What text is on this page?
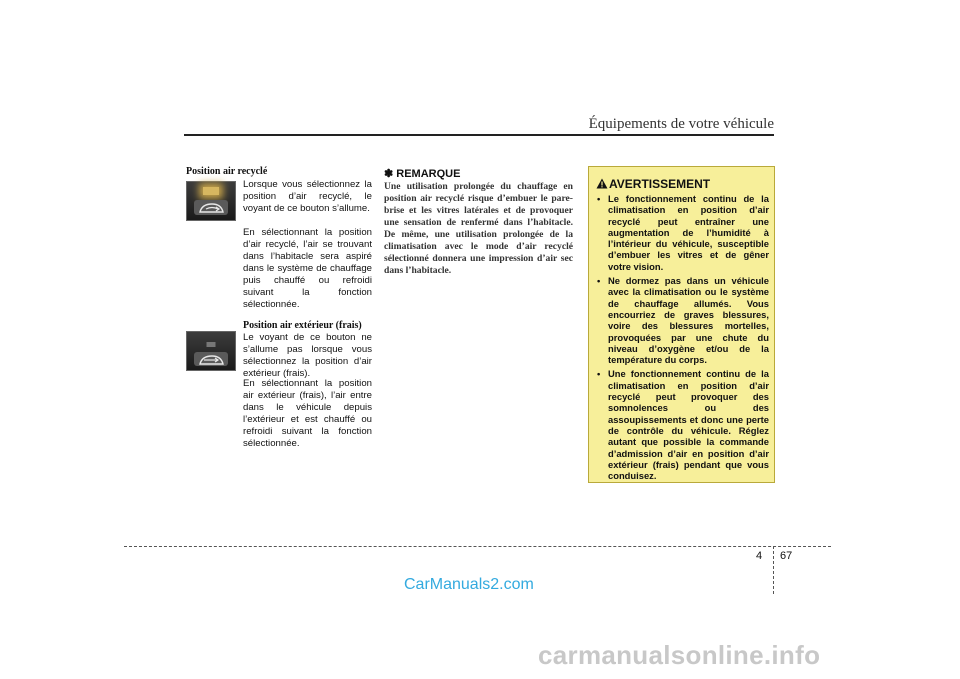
Équipements de votre véhicule
Position air recyclé
Lorsque vous sélectionnez la position d’air recyclé, le voyant de ce bouton s’allume.
En sélectionnant la position d’air recyclé, l’air se trouvant dans l’habitacle sera aspiré dans le système de chauffage puis chauffé ou refroidi suivant la fonction sélectionnée.
Position air extérieur (frais)
Le voyant de ce bouton ne s’allume pas lorsque vous sélectionnez la position d’air extérieur (frais).
En sélectionnant la position air extérieur (frais), l’air entre dans le véhicule depuis l’extérieur et est chauffé ou refroidi suivant la fonction sélectionnée.
✽ REMARQUE
Une utilisation prolongée du chauffage en position air recyclé risque d’embuer le pare-brise et les vitres latérales et de provoquer une sensation de renfermé dans l’habitacle. De même, une utilisation prolongée de la climatisation avec le mode d’air recyclé sélectionné donnera une impression d’air sec dans l’habitacle.
AVERTISSEMENT
• Le fonctionnement continu de la climatisation en position d’air recyclé peut entraîner une augmentation de l’humidité à l’intérieur du véhicule, susceptible d’embuer les vitres et de gêner votre vision.
• Ne dormez pas dans un véhicule avec la climatisation ou le système de chauffage allumés. Vous encourriez de graves blessures, voire des blessures mortelles, provoquées par une chute du niveau d’oxygène et/ou de la température du corps.
• Une fonctionnement continu de la climatisation en position d’air recyclé peut provoquer des somnolences ou des assoupissements et donc une perte de contrôle du véhicule. Réglez autant que possible la commande d’admission d’air en position d’air extérieur (frais) pendant que vous conduisez.
4 67
CarManuals2.com
carmanualsonline.info
